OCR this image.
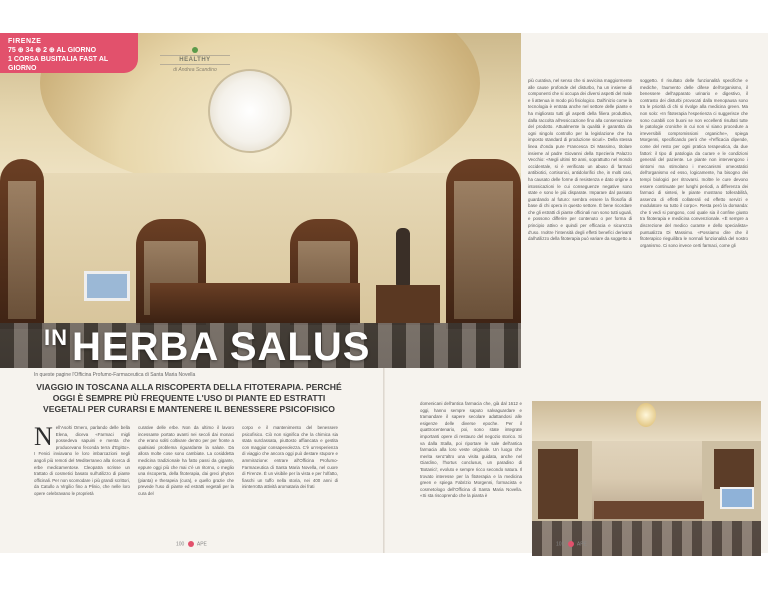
$^{IN}$ HERBA SALUS
FIRENZE
75 ⊕ 34 ⊕ 2 ⊕ AL GIORNO
1 CORSA BUSITALIA FAST AL GIORNO
HEALTHY
di Andrea Scandino
In queste pagine l'Officina Profumo-Farmaceutica di Santa Maria Novella
VIAGGIO IN TOSCANA ALLA RISCOPERTA DELLA FITOTERAPIA. PERCHÉ OGGI È SEMPRE PIÙ FREQUENTE L'USO DI PIANTE ED ESTRATTI VEGETALI PER CURARSI E MANTENERE IL BENESSERE PSICOFISICO
Nell'Asolti Omero, parlando delle bella Elena, diceva «Farmaci migli possedeva sapuini e menta che producevano feconda terra d'Egitto». I Fenici inviavano le loro imbarcazioni negli angoli più remoti del Mediterraneo alla ricerca di erbe medicamentose. Cleopatra scrisse un trattato di cosmetici basato sull'utilizzo di piante officinali. Per non scomodare i più grandi scrittori, da Catullo a Virgilio fino a Plinio, che nelle loro opere celebravano le proprietà
curative delle erbe. Non da ultimo il lavoro incessante portato avanti nei secoli dai monaci che erano soliti coltivare dentro per per fronte a qualsiasi problema riguardante la salute. Da allora molte cose sono cambiate. La cosiddetta medicina tradizionale ha fatto passi da gigante, eppure oggi più che mai c'è un ritorno, o meglio una riscoperta, della fitoterapia, dai greci phyton (pianta) e therapeia (cura), e quello grazie che prevede l'uso di piante ed estratti vegetali per la cura del
corpo e il mantenimento del benessere psicofisico. Ciò non significa che la chimica sia stata surclassata, piuttosto affiancata e gestita con maggior consapevolezza. C'è un'esperienza di viaggio che ancora oggi può destare stupore e ammirazione: entrare all'Officina Profumo-Farmaceutica di Santa Maria Novella, nel cuore di Firenze. È un visibile per la vista e per l'olfatto, fiaschi un tuffo nella storia, nei 400 anni di ininterrotta attività aromataria dei frati
domenicani dell'antica farmacia che, già dal 1612 e oggi, hanno sempre saputo salvaguardare e tramandare il sapere secolare adattandosi alle esigenze delle diverse epoche. Per il quattrocentenario, poi, sono state integrate importanti opere di restauro del negozio storico. Si va dalla Stalla, poi riportare le sale dell'antica farmacia alla loro veste originale. Un luogo che merita senz'altro una visita guidata, anche nel Giardino, l'hortus conclusus, un paradiso di 'Botanici', evoluto e sempre ricco secondo natura. Il trovato interesse per la fitoterapia e la medicina green e spiega Fabrizio Morgenni, formacista e cosmetologo dell'Officina di Santa Maria Novella. «Si sta riscoprendo che la pianta è
più curativa, nel senso che si avvicina maggiormente alle cause profonde del disturbo, ha un insieme di componenti che si occupa dei diversi aspetti del male e li attenua in modo più fisiologico. Dall'inizio come la tecnologia è entrata anche nel settore delle piante e ha migliorato tutti gli aspetti della filiera produttiva, dalla raccolta all'essiccazione fino alla conservazione del prodotto. Attualmente la qualità è garantita da ogni singolo controllo per la legislazione che ha imposto standard di produzione sicuri». Della stessa linea d'onda pure Francesca Di Massimo, titolare insieme al padre Giovanni della Spezieria Palazzo Vecchio: «Negli ultimi 50 anni, soprattutto nel mondo occidentale, si è verificato un abuso di farmaci antibiotici, cortisonici, antidolorifici che, in molti casi, ha causato delle forme di resistenza e dato origine a intossicazioni le cui conseguenze negative sono state e sono le più disparate. Imparare dal passato guardando al futuro: sembra essere la filosofia di base di chi opera in questo settore. È bene ricordare che gli estratti di piante officinali non sono tutti uguali, e possono differire per contenuto o per forma di principio attivo e quindi per efficacia e sicurezza d'uso. Inoltre l'intensità degli effetti benefici derivanti dall'utilizzo della fitoterapia può variare da soggetto a
soggetto. Il risultato delle funzionalità specifiche e mediche, l'aumento delle difese dell'organismo, il benessere dell'apparato urinario e digestivo, il contrasto dei disturbi provocati dalla menopausa sono tra le priorità di chi si rivolge alla medicina green. Ma non solo: «In fitoterapia l'esperienza ci suggerisce che sono curabili con buoni se non eccellenti risultati tutte le patologie croniche in cui non vi siano procedure a irreversibili compromissioni organiche», spiega Morgenni, specificando però che «l'efficacia dipende, come del resto per ogni pratica terapeutica, da due fattori: il tipo di patologia da curare e le condizioni generali del paziente. Le piante non intervengono i sintomi ma stimolano i meccanismi omeostatici dell'organismo ed esso, logicamente, ha bisogno dei tempi biologici per ritrovarsi. Inoltre le cure devono essere continuate per lunghi periodi, a differenza dei farmaci di sintesi, le piante mostrano tollerabilità, assenza di effetti collaterali ed effetto servizi e modulatore su tutto il corpo». Resta però la domanda: che ti vedi si pongono, così quale sia il confine giusto tra fitoterapia e medicina convenzionale. «È sempre a discrezione del medico curante e dello specialista» puntualizza Di Massimo. «Possiamo dire che il fitoterapico rieguilibra le normali funzionalità del nostro organismo. Ci sono invece certi farmaci, come gli
100	APE	101	APE
